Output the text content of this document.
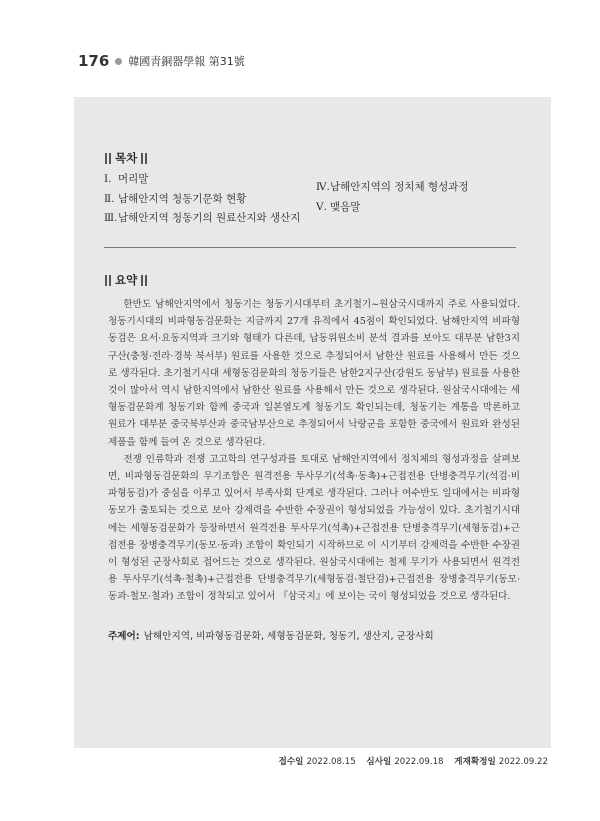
176 韓國靑銅器學報 第31號
목차
Ⅰ. 머리말
Ⅱ. 남해안지역 청동기문화 현황
Ⅲ. 남해안지역 청동기의 원료산지와 생산지
Ⅳ. 남해안지역의 정치체 형성과정
Ⅴ. 맺음말
요약

한반도 남해안지역에서 청동기는 청동기시대부터 초기철기~원삼국시대까지 주로 사용되었다. 청동기시대의 비파형동검문화는 지금까지 27개 유적에서 45점이 확인되었다. 남해안지역 비파형동검은 요서·요동지역과 크기와 형태가 다른데, 납동위원소비 분석 결과를 보아도 대부분 남한3지구산(충청·전라·경북 북서부) 원료를 사용한 것으로 추정되어서 남한산 원료를 사용해서 만든 것으로 생각된다. 초기철기시대 세형동검문화의 청동기들은 남한2지구산(강원도 동남부) 원료를 사용한 것이 많아서 역시 남한지역에서 남한산 원료를 사용해서 만든 것으로 생각된다. 원삼국시대에는 세형동검문화계 청동기와 함께 중국과 일본열도계 청동기도 확인되는데, 청동기는 계통을 막론하고 원료가 대부분 중국북부산과 중국남부산으로 추정되어서 낙랑군을 포함한 중국에서 원료와 완성된 제품을 함께 들여 온 것으로 생각된다.

전쟁 인류학과 전쟁 고고학의 연구성과를 토대로 남해안지역에서 정치체의 형성과정을 살펴보면, 비파형동검문화의 무기조합은 원격전용 투사무기(석촉·동촉)+근접전용 단병충격무기(석검·비파형동검)가 중심을 이루고 있어서 부족사회 단계로 생각된다. 그러나 여수반도 일대에서는 비파형동모가 출토되는 것으로 보아 강제력을 수반한 수장권이 형성되었을 가능성이 있다. 초기철기시대에는 세형동검문화가 등장하면서 원격전용 투사무기(석촉)+근접전용 단병충격무기(세형동검)+근접전용 장병충격무기(동모·동과) 조합이 확인되기 시작하므로 이 시기부터 강제력을 수반한 수장권이 형성된 군장사회로 접어드는 것으로 생각된다. 원삼국시대에는 철제 무기가 사용되면서 원격전용 투사무기(석촉·철촉)+근접전용 단병충격무기(세형동검·철단검)+근접전용 장병충격무기(동모·동과·철모·철과) 조합이 정착되고 있어서 『삼국지』에 보이는 국이 형성되었을 것으로 생각된다.

주제어: 남해안지역, 비파형동검문화, 세형동검문화, 청동기, 생산지, 군장사회
접수일 2022.08.15 심사일 2022.09.18 게재확정일 2022.09.22
